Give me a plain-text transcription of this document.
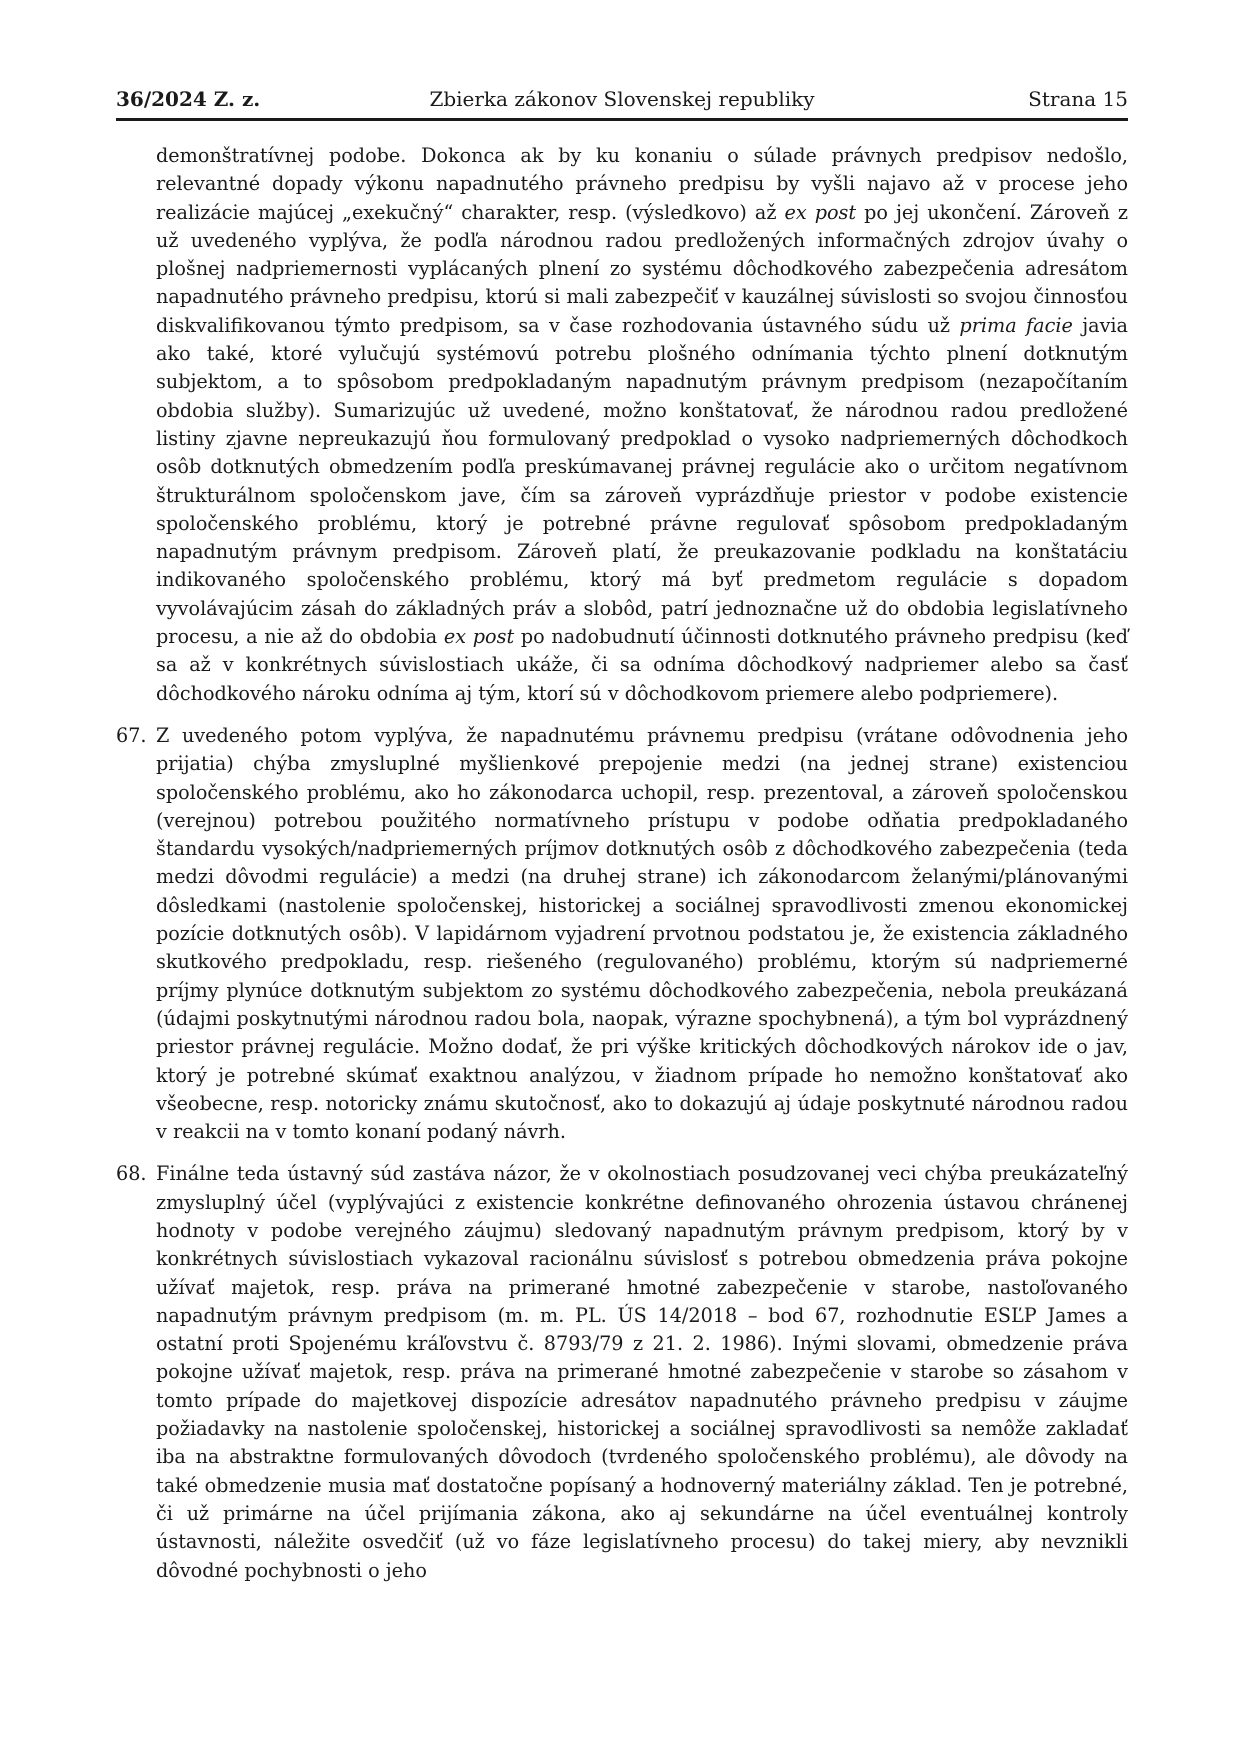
36/2024 Z. z.	Zbierka zákonov Slovenskej republiky	Strana 15
demonštratívnej podobe. Dokonca ak by ku konaniu o súlade právnych predpisov nedošlo, relevantné dopady výkonu napadnutého právneho predpisu by vyšli najavo až v procese jeho realizácie majúcej „exekučný“ charakter, resp. (výsledkovo) až ex post po jej ukončení. Zároveň z už uvedeného vyplýva, že podľa národnou radou predložených informačných zdrojov úvahy o plošnej nadpriemernosti vyplácaných plnení zo systému dôchodkového zabezpečenia adresátom napadnutého právneho predpisu, ktorú si mali zabezpečiť v kauzálnej súvislosti so svojou činnosťou diskvalifikovanou týmto predpisom, sa v čase rozhodovania ústavného súdu už prima facie javia ako také, ktoré vylučujú systémovú potrebu plošného odnímania týchto plnení dotknutým subjektom, a to spôsobom predpokladaným napadnutým právnym predpisom (nezapočítaním obdobia služby). Sumarizujúc už uvedené, možno konštatovať, že národnou radou predložené listiny zjavne nepreukazujú ňou formulovaný predpoklad o vysoko nadpriemerných dôchodkoch osôb dotknutých obmedzením podľa preskúmavanej právnej regulácie ako o určitom negatívnom štrukturálnom spoločenskom jave, čím sa zároveň vyprázdňuje priestor v podobe existencie spoločenského problému, ktorý je potrebné právne regulovať spôsobom predpokladaným napadnutým právnym predpisom. Zároveň platí, že preukazovanie podkladu na konštatáciu indikovaného spoločenského problému, ktorý má byť predmetom regulácie s dopadom vyvolávajúcim zásah do základných práv a slobôd, patrí jednoznačne už do obdobia legislatívneho procesu, a nie až do obdobia ex post po nadobudnutí účinnosti dotknutého právneho predpisu (keď sa až v konkrétnych súvislostiach ukáže, či sa odníma dôchodkový nadpriemer alebo sa časť dôchodkového nároku odníma aj tým, ktorí sú v dôchodkovom priemere alebo podpriemere).
67. Z uvedeného potom vyplýva, že napadnutému právnemu predpisu (vrátane odôvodnenia jeho prijatia) chýba zmysluplné myšlienkové prepojenie medzi (na jednej strane) existenciou spoločenského problému, ako ho zákonodarca uchopil, resp. prezentoval, a zároveň spoločenskou (verejnou) potrebou použitého normatívneho prístupu v podobe odňatia predpokladaného štandardu vysokých/nadpriemerných príjmov dotknutých osôb z dôchodkového zabezpečenia (teda medzi dôvodmi regulácie) a medzi (na druhej strane) ich zákonodarcom želanými/plánovanými dôsledkami (nastolenie spoločenskej, historickej a sociálnej spravodlivosti zmenou ekonomickej pozície dotknutých osôb). V lapidárnom vyjadrení prvotnou podstatou je, že existencia základného skutkového predpokladu, resp. riešeného (regulovaného) problému, ktorým sú nadpriemerné príjmy plynúce dotknutým subjektom zo systému dôchodkového zabezpečenia, nebola preukázaná (údajmi poskytnutými národnou radou bola, naopak, výrazne spochybnená), a tým bol vyprázdnený priestor právnej regulácie. Možno dodať, že pri výške kritických dôchodkových nárokov ide o jav, ktorý je potrebné skúmať exaktnou analýzou, v žiadnom prípade ho nemožno konštatovať ako všeobecne, resp. notoricky známu skutočnosť, ako to dokazujú aj údaje poskytnuté národnou radou v reakcii na v tomto konaní podaný návrh.
68. Finálne teda ústavný súd zastáva názor, že v okolnostiach posudzovanej veci chýba preukázateľný zmysluplný účel (vyplývajúci z existencie konkrétne definovaného ohrozenia ústavou chránenej hodnoty v podobe verejného záujmu) sledovaný napadnutým právnym predpisom, ktorý by v konkrétnych súvislostiach vykazoval racionálnu súvislosť s potrebou obmedzenia práva pokojne užívať majetok, resp. práva na primerané hmotné zabezpečenie v starobe, nastoľovaného napadnutým právnym predpisom (m. m. PL. ÚS 14/2018 – bod 67, rozhodnutie ESĽP James a ostatní proti Spojenému kráľovstvu č. 8793/79 z 21. 2. 1986). Inými slovami, obmedzenie práva pokojne užívať majetok, resp. práva na primerané hmotné zabezpečenie v starobe so zásahom v tomto prípade do majetkovej dispozície adresátov napadnutého právneho predpisu v záujme požiadavky na nastolenie spoločenskej, historickej a sociálnej spravodlivosti sa nemôže zakladať iba na abstraktne formulovaných dôvodoch (tvrdeného spoločenského problému), ale dôvody na také obmedzenie musia mať dostatočne popísaný a hodnoverný materiálny základ. Ten je potrebné, či už primárne na účel prijímania zákona, ako aj sekundárne na účel eventuálnej kontroly ústavnosti, náležite osvedčiť (už vo fáze legislatívneho procesu) do takej miery, aby nevznikli dôvodné pochybnosti o jeho
